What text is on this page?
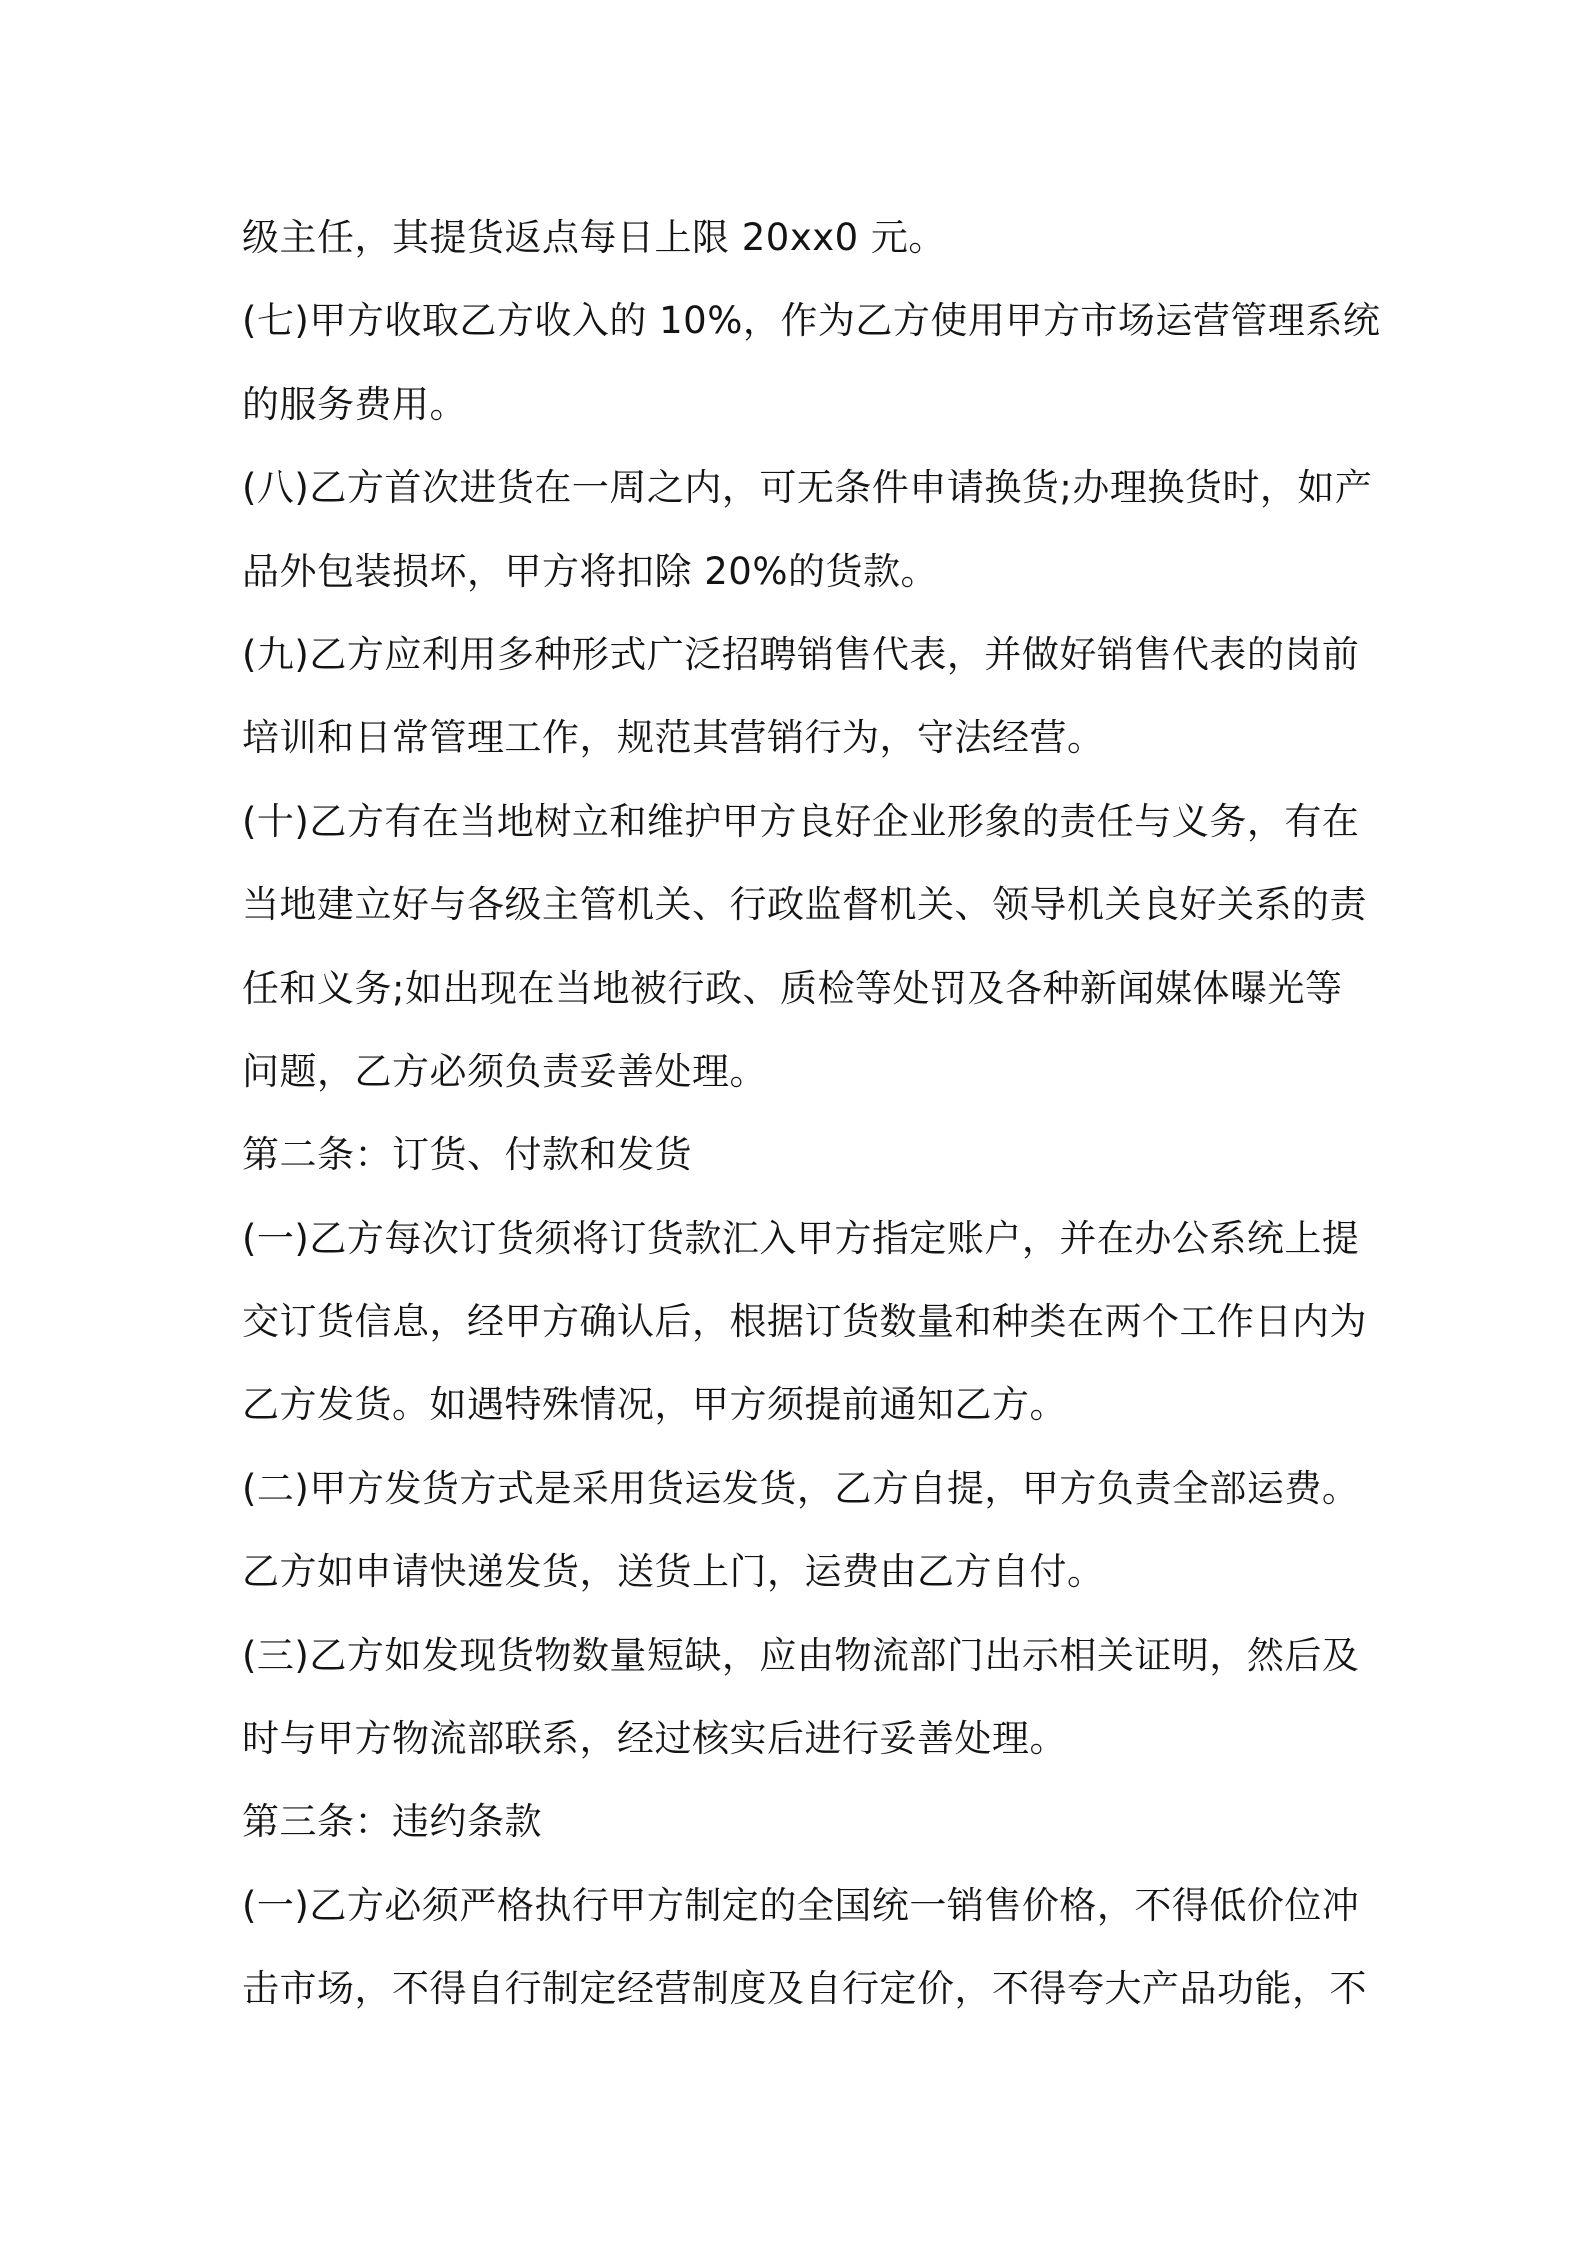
级主任，其提货返点每日上限 20xx0 元。
(七)甲方收取乙方收入的 10%，作为乙方使用甲方市场运营管理系统
的服务费用。
(八)乙方首次进货在一周之内，可无条件申请换货;办理换货时，如产
品外包装损坏，甲方将扣除 20%的货款。
(九)乙方应利用多种形式广泛招聘销售代表，并做好销售代表的岗前
培训和日常管理工作，规范其营销行为，守法经营。
(十)乙方有在当地树立和维护甲方良好企业形象的责任与义务，有在
当地建立好与各级主管机关、行政监督机关、领导机关良好关系的责
任和义务;如出现在当地被行政、质检等处罚及各种新闻媒体曝光等
问题，乙方必须负责妥善处理。
第二条：订货、付款和发货
(一)乙方每次订货须将订货款汇入甲方指定账户，并在办公系统上提
交订货信息，经甲方确认后，根据订货数量和种类在两个工作日内为
乙方发货。如遇特殊情况，甲方须提前通知乙方。
(二)甲方发货方式是采用货运发货，乙方自提，甲方负责全部运费。
乙方如申请快递发货，送货上门，运费由乙方自付。
(三)乙方如发现货物数量短缺，应由物流部门出示相关证明，然后及
时与甲方物流部联系，经过核实后进行妥善处理。
第三条：违约条款
(一)乙方必须严格执行甲方制定的全国统一销售价格，不得低价位冲
击市场，不得自行制定经营制度及自行定价，不得夸大产品功能，不
